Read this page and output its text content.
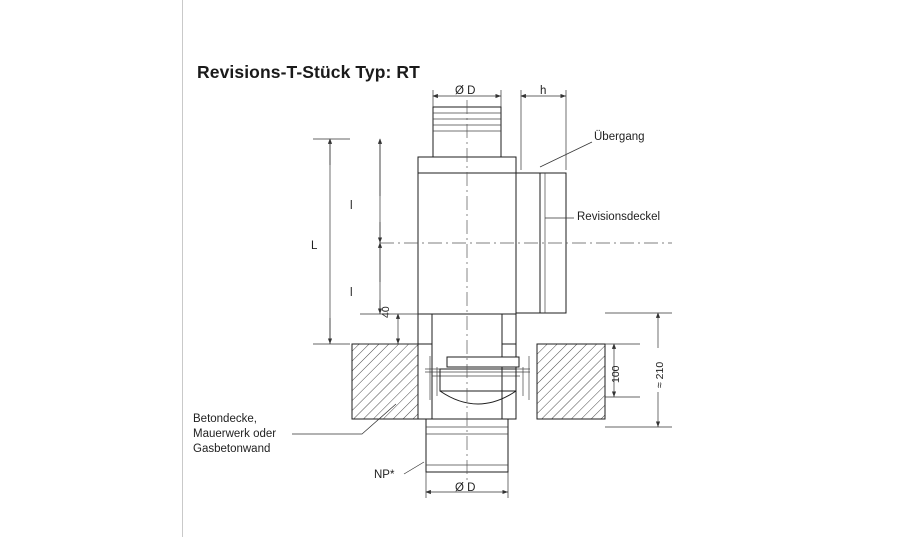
Revisions-T-Stück Typ: RT
Ø D	h
L
l
l
40
100	≈ 210
Übergang
Revisionsdeckel
Betondecke,
Mauerwerk oder
Gasbetonwand
NP*
Ø D
